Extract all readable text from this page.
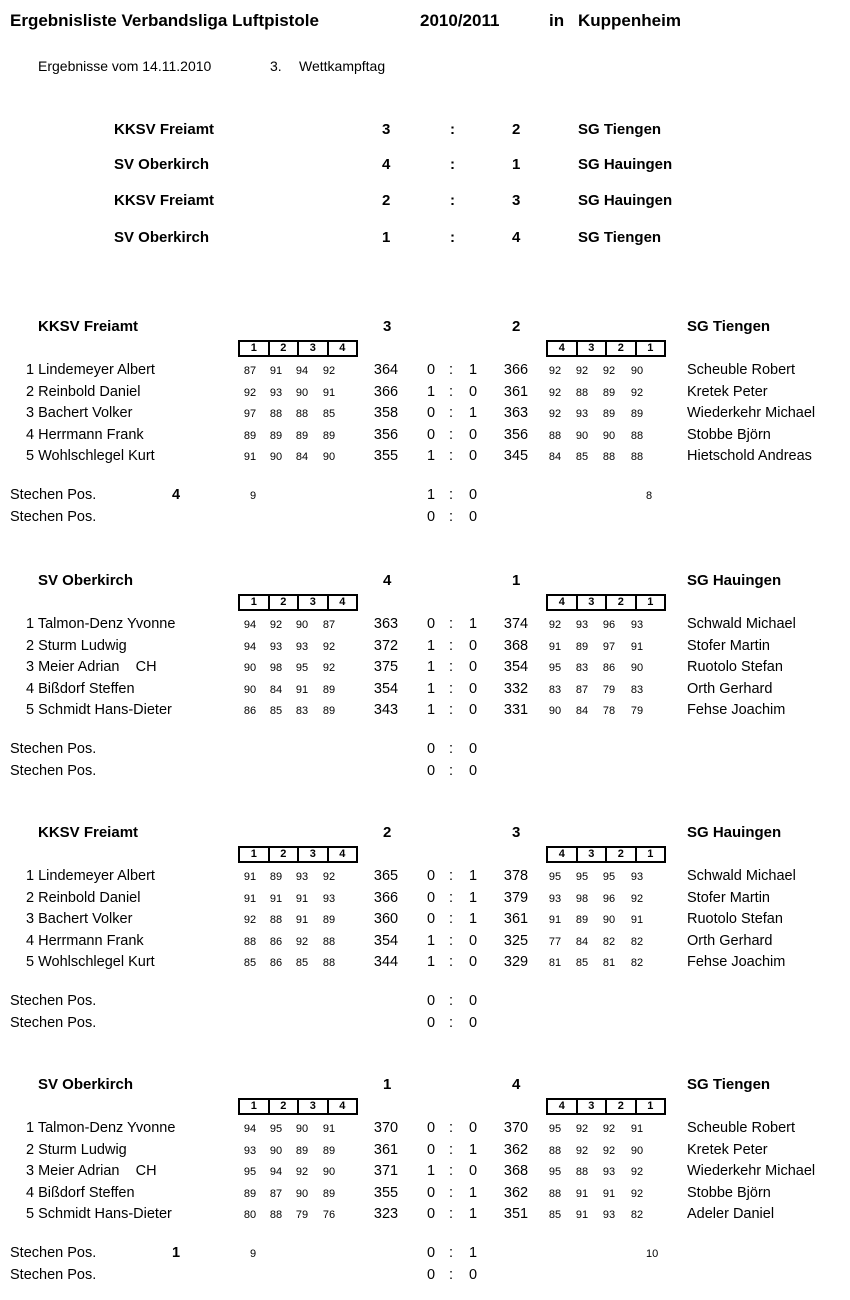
Ergebnisliste Verbandsliga Luftpistole	2010/2011	in Kuppenheim
Ergebnisse vom 14.11.2010	3. Wettkampftag
KKSV Freiamt	3	:	2	SG Tiengen
SV Oberkirch	4	:	1	SG Hauingen
KKSV Freiamt	2	:	3	SG Hauingen
SV Oberkirch	1	:	4	SG Tiengen
KKSV Freiamt	3	2	SG Tiengen
1	2	3	4	4	3	2	1
1 Lindemeyer Albert	87	91	94	92	364	0 : 1	366	92	92	92	90	Scheuble Robert
2 Reinbold Daniel	92	93	90	91	366	1 : 0	361	92	88	89	92	Kretek Peter
3 Bachert Volker	97	88	88	85	358	0 : 1	363	92	93	89	89	Wiederkehr Michael
4 Herrmann Frank	89	89	89	89	356	0 : 0	356	88	90	90	88	Stobbe Björn
5 Wohlschlegel Kurt	91	90	84	90	355	1 : 0	345	84	85	88	88	Hietschold Andreas
Stechen Pos.	4	9	1 : 0	8
Stechen Pos.	0 : 0
SV Oberkirch	4	1	SG Hauingen
1	2	3	4	4	3	2	1
1 Talmon-Denz Yvonne	94	92	90	87	363	0 : 1	374	92	93	96	93	Schwald Michael
2 Sturm Ludwig	94	93	93	92	372	1 : 0	368	91	89	97	91	Stofer Martin
3 Meier Adrian    CH	90	98	95	92	375	1 : 0	354	95	83	86	90	Ruotolo Stefan
4 Bißdorf Steffen	90	84	91	89	354	1 : 0	332	83	87	79	83	Orth Gerhard
5 Schmidt Hans-Dieter	86	85	83	89	343	1 : 0	331	90	84	78	79	Fehse Joachim
Stechen Pos.	0 : 0
Stechen Pos.	0 : 0
KKSV Freiamt	2	3	SG Hauingen
1	2	3	4	4	3	2	1
1 Lindemeyer Albert	91	89	93	92	365	0 : 1	378	95	95	95	93	Schwald Michael
2 Reinbold Daniel	91	91	91	93	366	0 : 1	379	93	98	96	92	Stofer Martin
3 Bachert Volker	92	88	91	89	360	0 : 1	361	91	89	90	91	Ruotolo Stefan
4 Herrmann Frank	88	86	92	88	354	1 : 0	325	77	84	82	82	Orth Gerhard
5 Wohlschlegel Kurt	85	86	85	88	344	1 : 0	329	81	85	81	82	Fehse Joachim
Stechen Pos.	0 : 0
Stechen Pos.	0 : 0
SV Oberkirch	1	4	SG Tiengen
1	2	3	4	4	3	2	1
1 Talmon-Denz Yvonne	94	95	90	91	370	0 : 0	370	95	92	92	91	Scheuble Robert
2 Sturm Ludwig	93	90	89	89	361	0 : 1	362	88	92	92	90	Kretek Peter
3 Meier Adrian    CH	95	94	92	90	371	1 : 0	368	95	88	93	92	Wiederkehr Michael
4 Bißdorf Steffen	89	87	90	89	355	0 : 1	362	88	91	91	92	Stobbe Björn
5 Schmidt Hans-Dieter	80	88	79	76	323	0 : 1	351	85	91	93	82	Adeler Daniel
Stechen Pos.	1	9	0 : 1	10
Stechen Pos.	0 : 0
